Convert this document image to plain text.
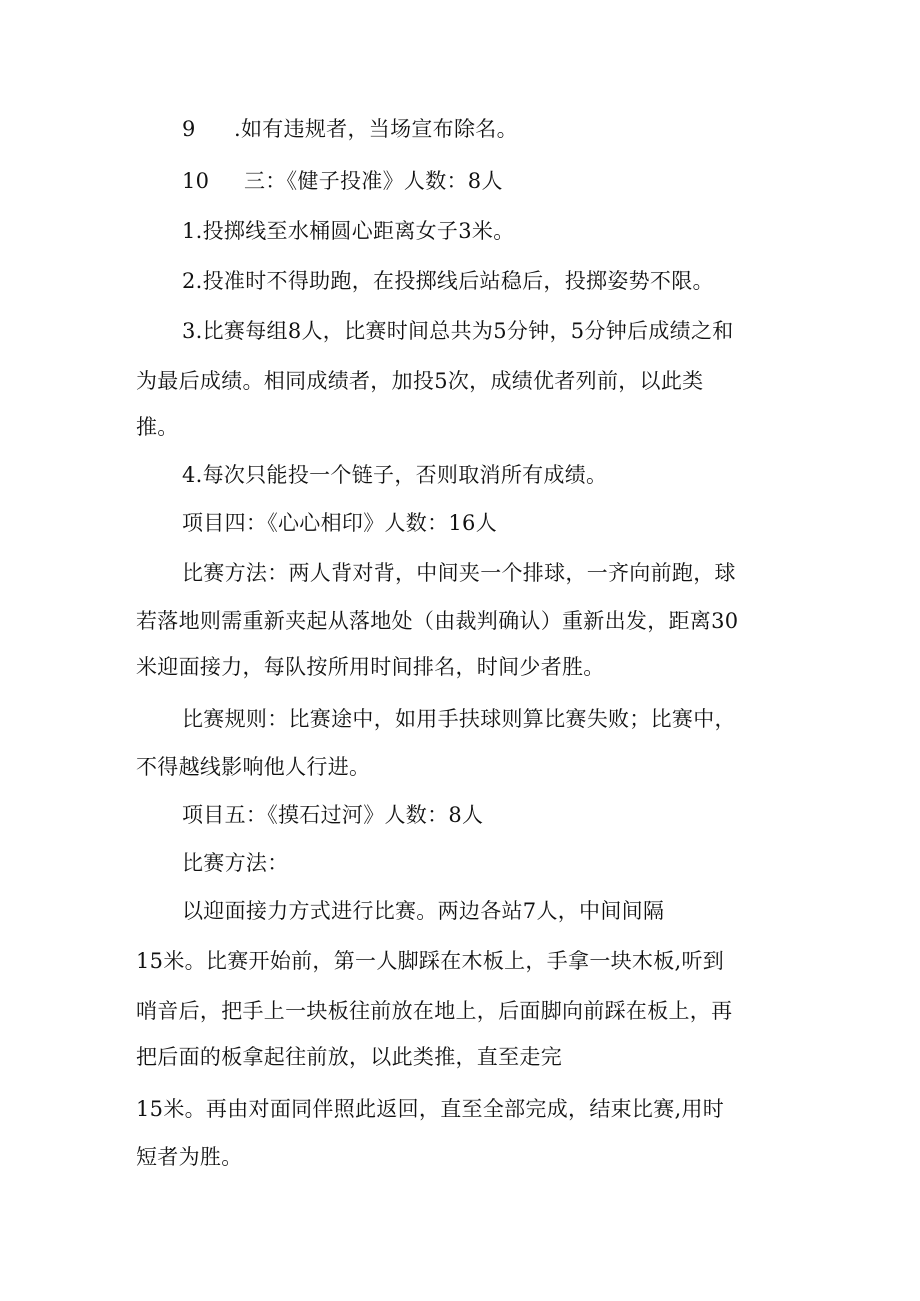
9 .如有违规者，当场宣布除名。
10 三：《健子投准》人数：8人
1.投掷线至水桶圆心距离女子3米。
2.投准时不得助跑，在投掷线后站稳后，投掷姿势不限。
3.比赛每组8人，比赛时间总共为5分钟，5分钟后成绩之和
为最后成绩。相同成绩者，加投5次，成绩优者列前，以此类
推。
4.每次只能投一个链子，否则取消所有成绩。
项目四：《心心相印》人数：16人
比赛方法：两人背对背，中间夹一个排球，一齐向前跑，球
若落地则需重新夹起从落地处（由裁判确认）重新出发，距离30
米迎面接力，每队按所用时间排名，时间少者胜。
比赛规则：比赛途中，如用手扶球则算比赛失败；比赛中，
不得越线影响他人行进。
项目五：《摸石过河》人数：8人
比赛方法：
以迎面接力方式进行比赛。两边各站7人，中间间隔
15米。比赛开始前，第一人脚踩在木板上，手拿一块木板,听到
哨音后，把手上一块板往前放在地上，后面脚向前踩在板上，再
把后面的板拿起往前放，以此类推，直至走完
15米。再由对面同伴照此返回，直至全部完成，结束比赛,用时
短者为胜。
